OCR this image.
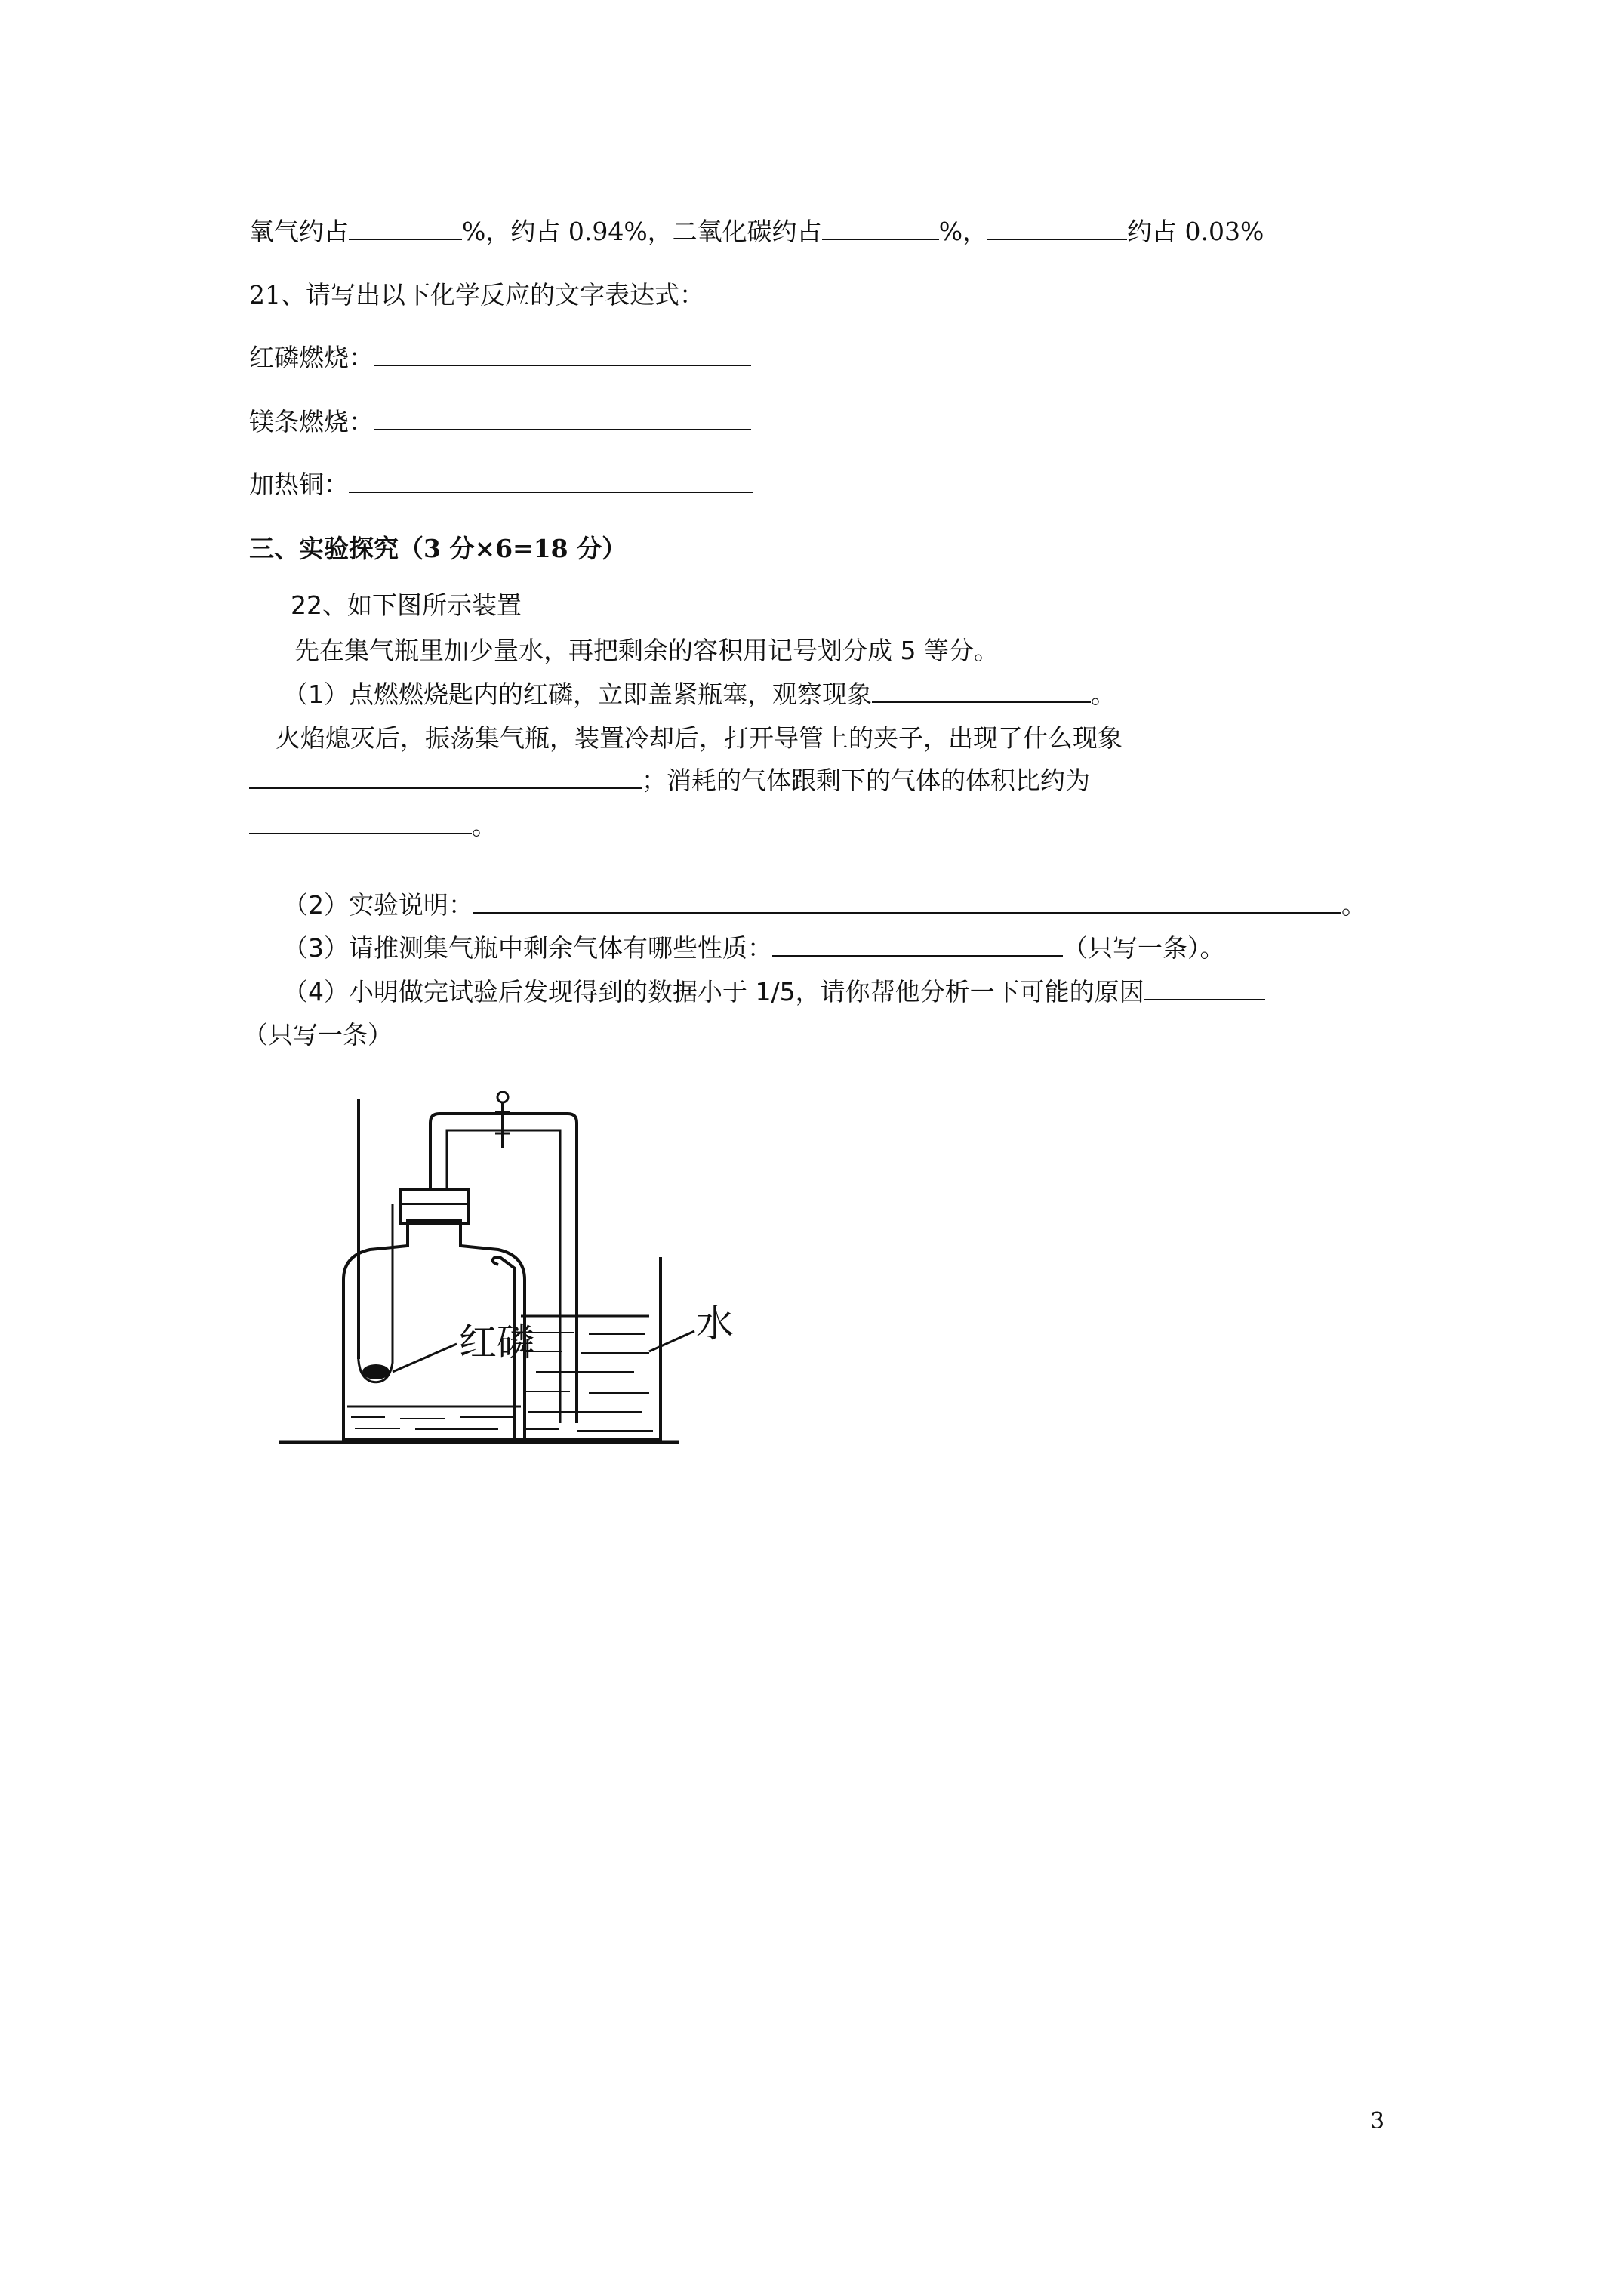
氧气约占	%，约占 0.94%，二氧化碳约占	%，	约占 0.03%
21、请写出以下化学反应的文字表达式：
红磷燃烧：
镁条燃烧：
加热铜：
三、实验探究（3 分×6=18 分）
22、如下图所示装置
先在集气瓶里加少量水，再把剩余的容积用记号划分成 5 等分。
（1）点燃燃烧匙内的红磷，立即盖紧瓶塞，观察现象	。
火焰熄灭后，振荡集气瓶，装置冷却后，打开导管上的夹子，出现了什么现象
；消耗的气体跟剩下的气体的体积比约为
。
（2）实验说明：	。
（3）请推测集气瓶中剩余气体有哪些性质：	（只写一条）。
（4）小明做完试验后发现得到的数据小于 1/5，请你帮他分析一下可能的原因
（只写一条）
红磷	水
3
